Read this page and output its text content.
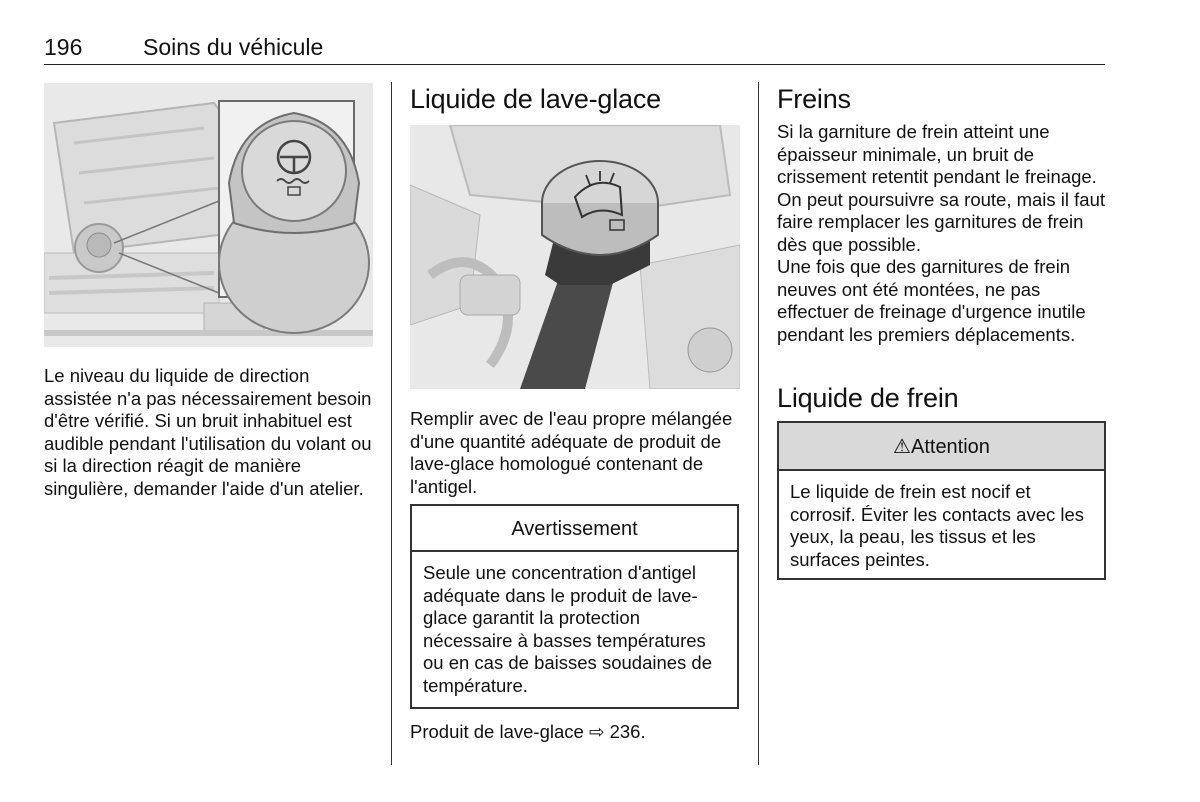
196	Soins du véhicule

Le niveau du liquide de direction assistée n'a pas nécessairement besoin d'être vérifié. Si un bruit inhabituel est audible pendant l'utilisation du volant ou si la direction réagit de manière singulière, demander l'aide d'un atelier.

Liquide de lave-glace

Remplir avec de l'eau propre mélangée d'une quantité adéquate de produit de lave-glace homologué contenant de l'antigel.

Avertissement
Seule une concentration d'antigel adéquate dans le produit de lave-glace garantit la protection nécessaire à basses températures ou en cas de baisses soudaines de température.
Produit de lave-glace ⇨ 236.
Freins

Si la garniture de frein atteint une épaisseur minimale, un bruit de crissement retentit pendant le freinage.

On peut poursuivre sa route, mais il faut faire remplacer les garnitures de frein dès que possible.

Une fois que des garnitures de frein neuves ont été montées, ne pas effectuer de freinage d'urgence inutile pendant les premiers déplacements.

Liquide de frein
⚠Attention
Le liquide de frein est nocif et corrosif. Éviter les contacts avec les yeux, la peau, les tissus et les surfaces peintes.
